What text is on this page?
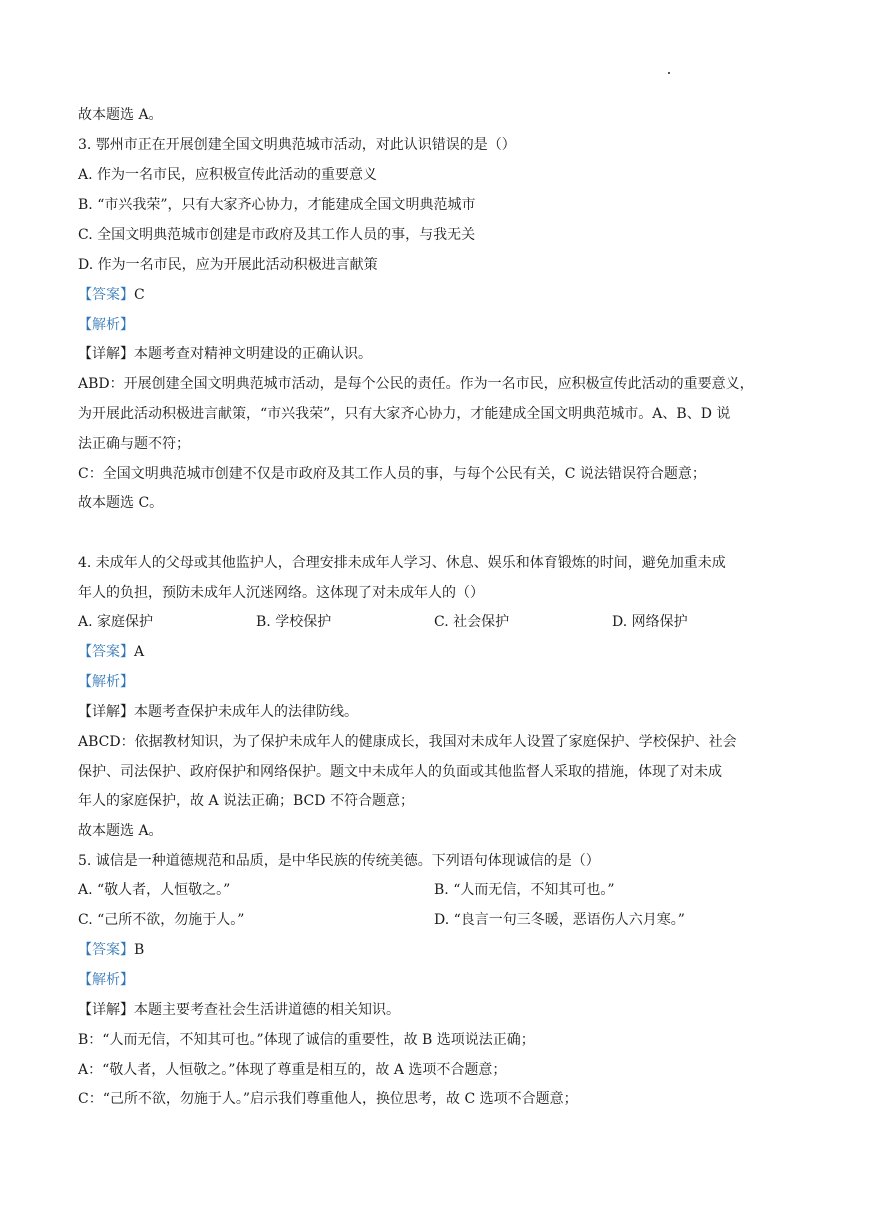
故本题选 A。
3. 鄂州市正在开展创建全国文明典范城市活动，对此认识错误的是（）
A. 作为一名市民，应积极宣传此活动的重要意义
B. “市兴我荣”，只有大家齐心协力，才能建成全国文明典范城市
C. 全国文明典范城市创建是市政府及其工作人员的事，与我无关
D. 作为一名市民，应为开展此活动积极进言献策
【答案】C
【解析】
【详解】本题考查对精神文明建设的正确认识。
ABD：开展创建全国文明典范城市活动，是每个公民的责任。作为一名市民，应积极宣传此活动的重要意义，
为开展此活动积极进言献策，“市兴我荣”，只有大家齐心协力，才能建成全国文明典范城市。A、B、D 说
法正确与题不符；
C：全国文明典范城市创建不仅是市政府及其工作人员的事，与每个公民有关，C 说法错误符合题意；
故本题选 C。
4. 未成年人的父母或其他监护人，合理安排未成年人学习、休息、娱乐和体育锻炼的时间，避免加重未成
年人的负担，预防未成年人沉迷网络。这体现了对未成年人的（）
A. 家庭保护	B. 学校保护	C. 社会保护	D. 网络保护
【答案】A
【解析】
【详解】本题考查保护未成年人的法律防线。
ABCD：依据教材知识，为了保护未成年人的健康成长，我国对未成年人设置了家庭保护、学校保护、社会
保护、司法保护、政府保护和网络保护。题文中未成年人的负面或其他监督人采取的措施，体现了对未成
年人的家庭保护，故 A 说法正确；BCD 不符合题意；
故本题选 A。
5. 诚信是一种道德规范和品质，是中华民族的传统美德。下列语句体现诚信的是（）
A. “敬人者，人恒敬之。”	B. “人而无信，不知其可也。”
C. “己所不欲，勿施于人。”	D. “良言一句三冬暖，恶语伤人六月寒。”
【答案】B
【解析】
【详解】本题主要考查社会生活讲道德的相关知识。
B：“人而无信，不知其可也。”体现了诚信的重要性，故 B 选项说法正确；
A：“敬人者，人恒敬之。”体现了尊重是相互的，故 A 选项不合题意；
C：“己所不欲，勿施于人。”启示我们尊重他人，换位思考，故 C 选项不合题意；
